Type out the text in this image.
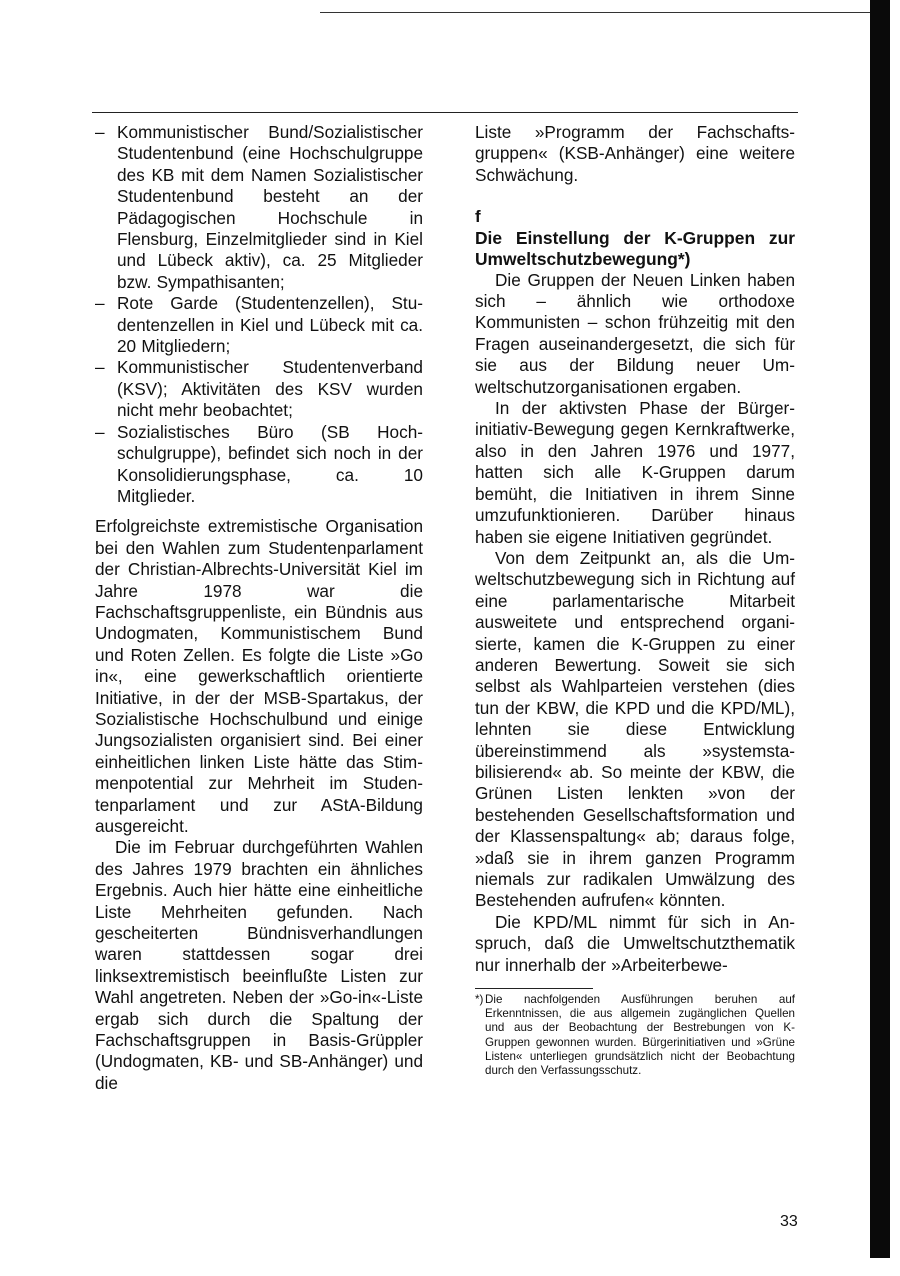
– Kommunistischer Bund/Sozialistischer Studentenbund (eine Hochschulgruppe des KB mit dem Namen Sozialistischer Studentenbund besteht an der Pädagogischen Hochschule in Flensburg, Einzelmitglieder sind in Kiel und Lübeck aktiv), ca. 25 Mitglieder bzw. Sympathisanten;
– Rote Garde (Studentenzellen), Studentenzellen in Kiel und Lübeck mit ca. 20 Mitgliedern;
– Kommunistischer Studentenverband (KSV); Aktivitäten des KSV wurden nicht mehr beobachtet;
– Sozialistisches Büro (SB Hochschulgruppe), befindet sich noch in der Konsolidierungsphase, ca. 10 Mitglieder.

Erfolgreichste extremistische Organisation bei den Wahlen zum Studentenparlament der Christian-Albrechts-Universität Kiel im Jahre 1978 war die Fachschaftsgruppenliste, ein Bündnis aus Undogmaten, Kommunistischem Bund und Roten Zellen. Es folgte die Liste »Go in«, eine gewerkschaftlich orientierte Initiative, in der der MSB-Spartakus, der Sozialistische Hochschulbund und einige Jungsozialisten organisiert sind. Bei einer einheitlichen linken Liste hätte das Stimmenpotential zur Mehrheit im Studentenparlament und zur AStA-Bildung ausgereicht.

Die im Februar durchgeführten Wahlen des Jahres 1979 brachten ein ähnliches Ergebnis. Auch hier hätte eine einheitliche Liste Mehrheiten gefunden. Nach gescheiterten Bündnisverhandlungen waren stattdessen sogar drei linksextremistisch beeinflußte Listen zur Wahl angetreten. Neben der »Go-in«-Liste ergab sich durch die Spaltung der Fachschaftsgruppen in Basis-Grüppler (Undogmaten, KB- und SB-Anhänger) und die

Liste »Programm der Fachschaftsgruppen« (KSB-Anhänger) eine weitere Schwächung.

f

Die Einstellung der K-Gruppen zur Umweltschutzbewegung*)

Die Gruppen der Neuen Linken haben sich – ähnlich wie orthodoxe Kommunisten – schon frühzeitig mit den Fragen auseinandergesetzt, die sich für sie aus der Bildung neuer Umweltschutzorganisationen ergaben.

In der aktivsten Phase der Bürgerinitiativ-Bewegung gegen Kernkraftwerke, also in den Jahren 1976 und 1977, hatten sich alle K-Gruppen darum bemüht, die Initiativen in ihrem Sinne umzufunktionieren. Darüber hinaus haben sie eigene Initiativen gegründet.

Von dem Zeitpunkt an, als die Umweltschutzbewegung sich in Richtung auf eine parlamentarische Mitarbeit ausweitete und entsprechend organisierte, kamen die K-Gruppen zu einer anderen Bewertung. Soweit sie sich selbst als Wahlparteien verstehen (dies tun der KBW, die KPD und die KPD/ML), lehnten sie diese Entwicklung übereinstimmend als »systemstabilisierend« ab. So meinte der KBW, die Grünen Listen lenkten »von der bestehenden Gesellschaftsformation und der Klassenspaltung« ab; daraus folge, »daß sie in ihrem ganzen Programm niemals zur radikalen Umwälzung des Bestehenden aufrufen« könnten.

Die KPD/ML nimmt für sich in Anspruch, daß die Umweltschutzthematik nur innerhalb der »Arbeiterbewe-

*) Die nachfolgenden Ausführungen beruhen auf Erkenntnissen, die aus allgemein zugänglichen Quellen und aus der Beobachtung der Bestrebungen von K-Gruppen gewonnen wurden. Bürgerinitiativen und »Grüne Listen« unterliegen grundsätzlich nicht der Beobachtung durch den Verfassungsschutz.

33
